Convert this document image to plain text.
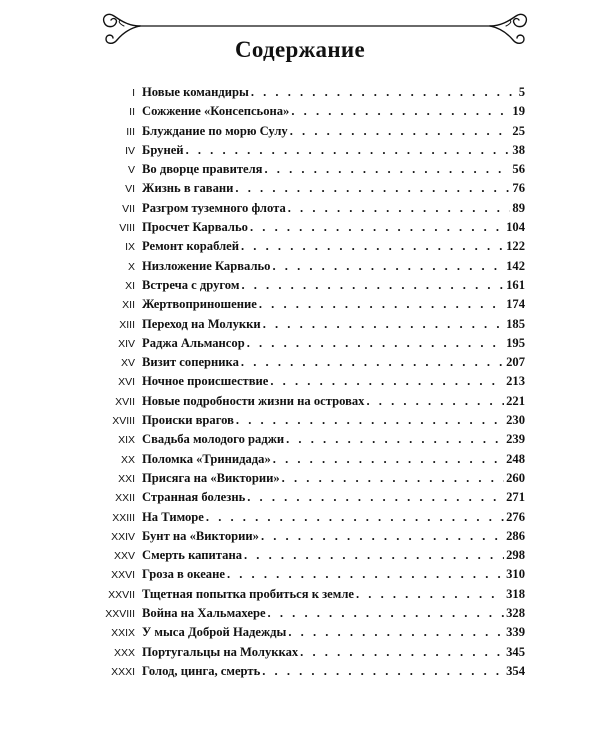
Содержание
I Новые командиры . . .	5
II Сожжение «Консепсьона» . . .	19
III Блуждание по морю Сулу . . .	25
IV Бруней . . .	38
V Во дворце правителя . . .	56
VI Жизнь в гавани . . .	76
VII Разгром туземного флота . . .	89
VIII Просчет Карвальо . . .	104
IX Ремонт кораблей . . .	122
X Низложение Карвальо . . .	142
XI Встреча с другом . . .	161
XII Жертвоприношение . . .	174
XIII Переход на Молукки . . .	185
XIV Раджа Альмансор . . .	195
XV Визит соперника . . .	207
XVI Ночное происшествие . . .	213
XVII Новые подробности жизни на островах . . .	221
XVIII Происки врагов . . .	230
XIX Свадьба молодого раджи . . .	239
XX Поломка «Тринидада» . . .	248
XXI Присяга на «Виктории» . . .	260
XXII Странная болезнь . . .	271
XXIII На Тиморе . . .	276
XXIV Бунт на «Виктории» . . .	286
XXV Смерть капитана . . .	298
XXVI Гроза в океане . . .	310
XXVII Тщетная попытка пробиться к земле . . .	318
XXVIII Война на Хальмахере . . .	328
XXIX У мыса Доброй Надежды . . .	339
XXX Португальцы на Молукках . . .	345
XXXI Голод, цинга, смерть . . .	354
